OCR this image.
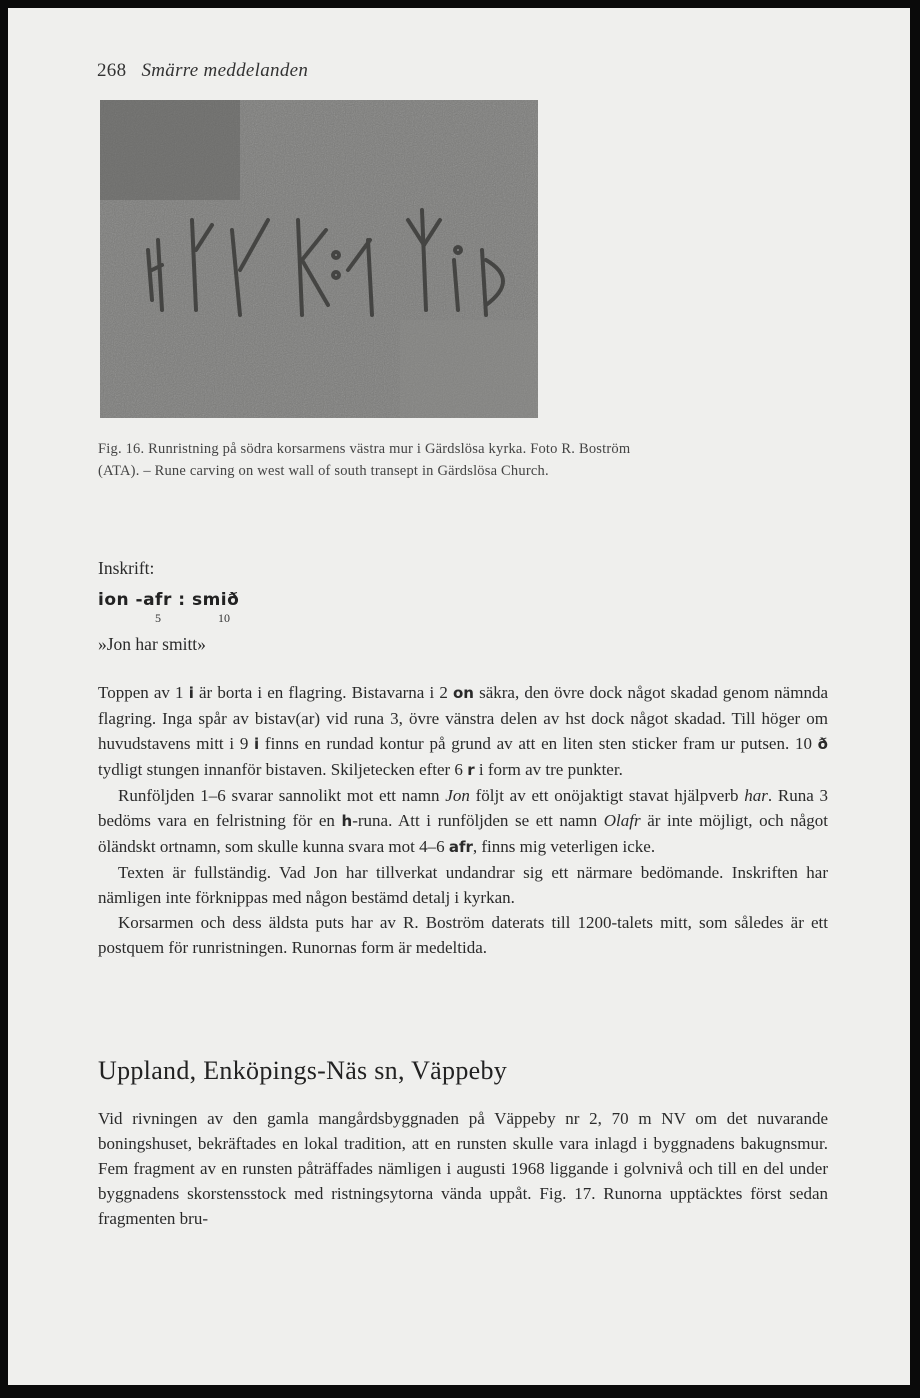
268 Smärre meddelanden
Fig. 16. Runristning på södra korsarmens västra mur i Gärdslösa kyrka. Foto R. Boström
(ATA). – Rune carving on west wall of south transept in Gärdslösa Church.
Inskrift:
ion -afr : smið
5	10
»Jon har smitt»

Toppen av 1 i är borta i en flagring. Bistavarna i 2 on säkra, den övre dock något skadad genom nämnda flagring. Inga spår av bistav(ar) vid runa 3, övre vänstra delen av hst dock något skadad. Till höger om huvudstavens mitt i 9 i finns en rundad kontur på grund av att en liten sten sticker fram ur putsen. 10 ð tydligt stungen innanför bistaven. Skiljetecken efter 6 r i form av tre punkter.

Runföljden 1–6 svarar sannolikt mot ett namn Jon följt av ett onöjaktigt stavat hjälpverb har. Runa 3 bedöms vara en felristning för en h-runa. Att i runföljden se ett namn Olafr är inte möjligt, och något öländskt ortnamn, som skulle kunna svara mot 4–6 afr, finns mig veterligen icke.

Texten är fullständig. Vad Jon har tillverkat undandrar sig ett närmare bedömande. Inskriften har nämligen inte förknippas med någon bestämd detalj i kyrkan.

Korsarmen och dess äldsta puts har av R. Boström daterats till 1200-talets mitt, som således är ett postquem för runristningen. Runornas form är medeltida.

Uppland, Enköpings-Näs sn, Väppeby

Vid rivningen av den gamla mangårdsbyggnaden på Väppeby nr 2, 70 m NV om det nuvarande boningshuset, bekräftades en lokal tradition, att en runsten skulle vara inlagd i byggnadens bakugnsmur. Fem fragment av en runsten påträffades nämligen i augusti 1968 liggande i golvnivå och till en del under byggnadens skorstensstock med ristningsytorna vända uppåt. Fig. 17. Runorna upptäcktes först sedan fragmenten bru-
